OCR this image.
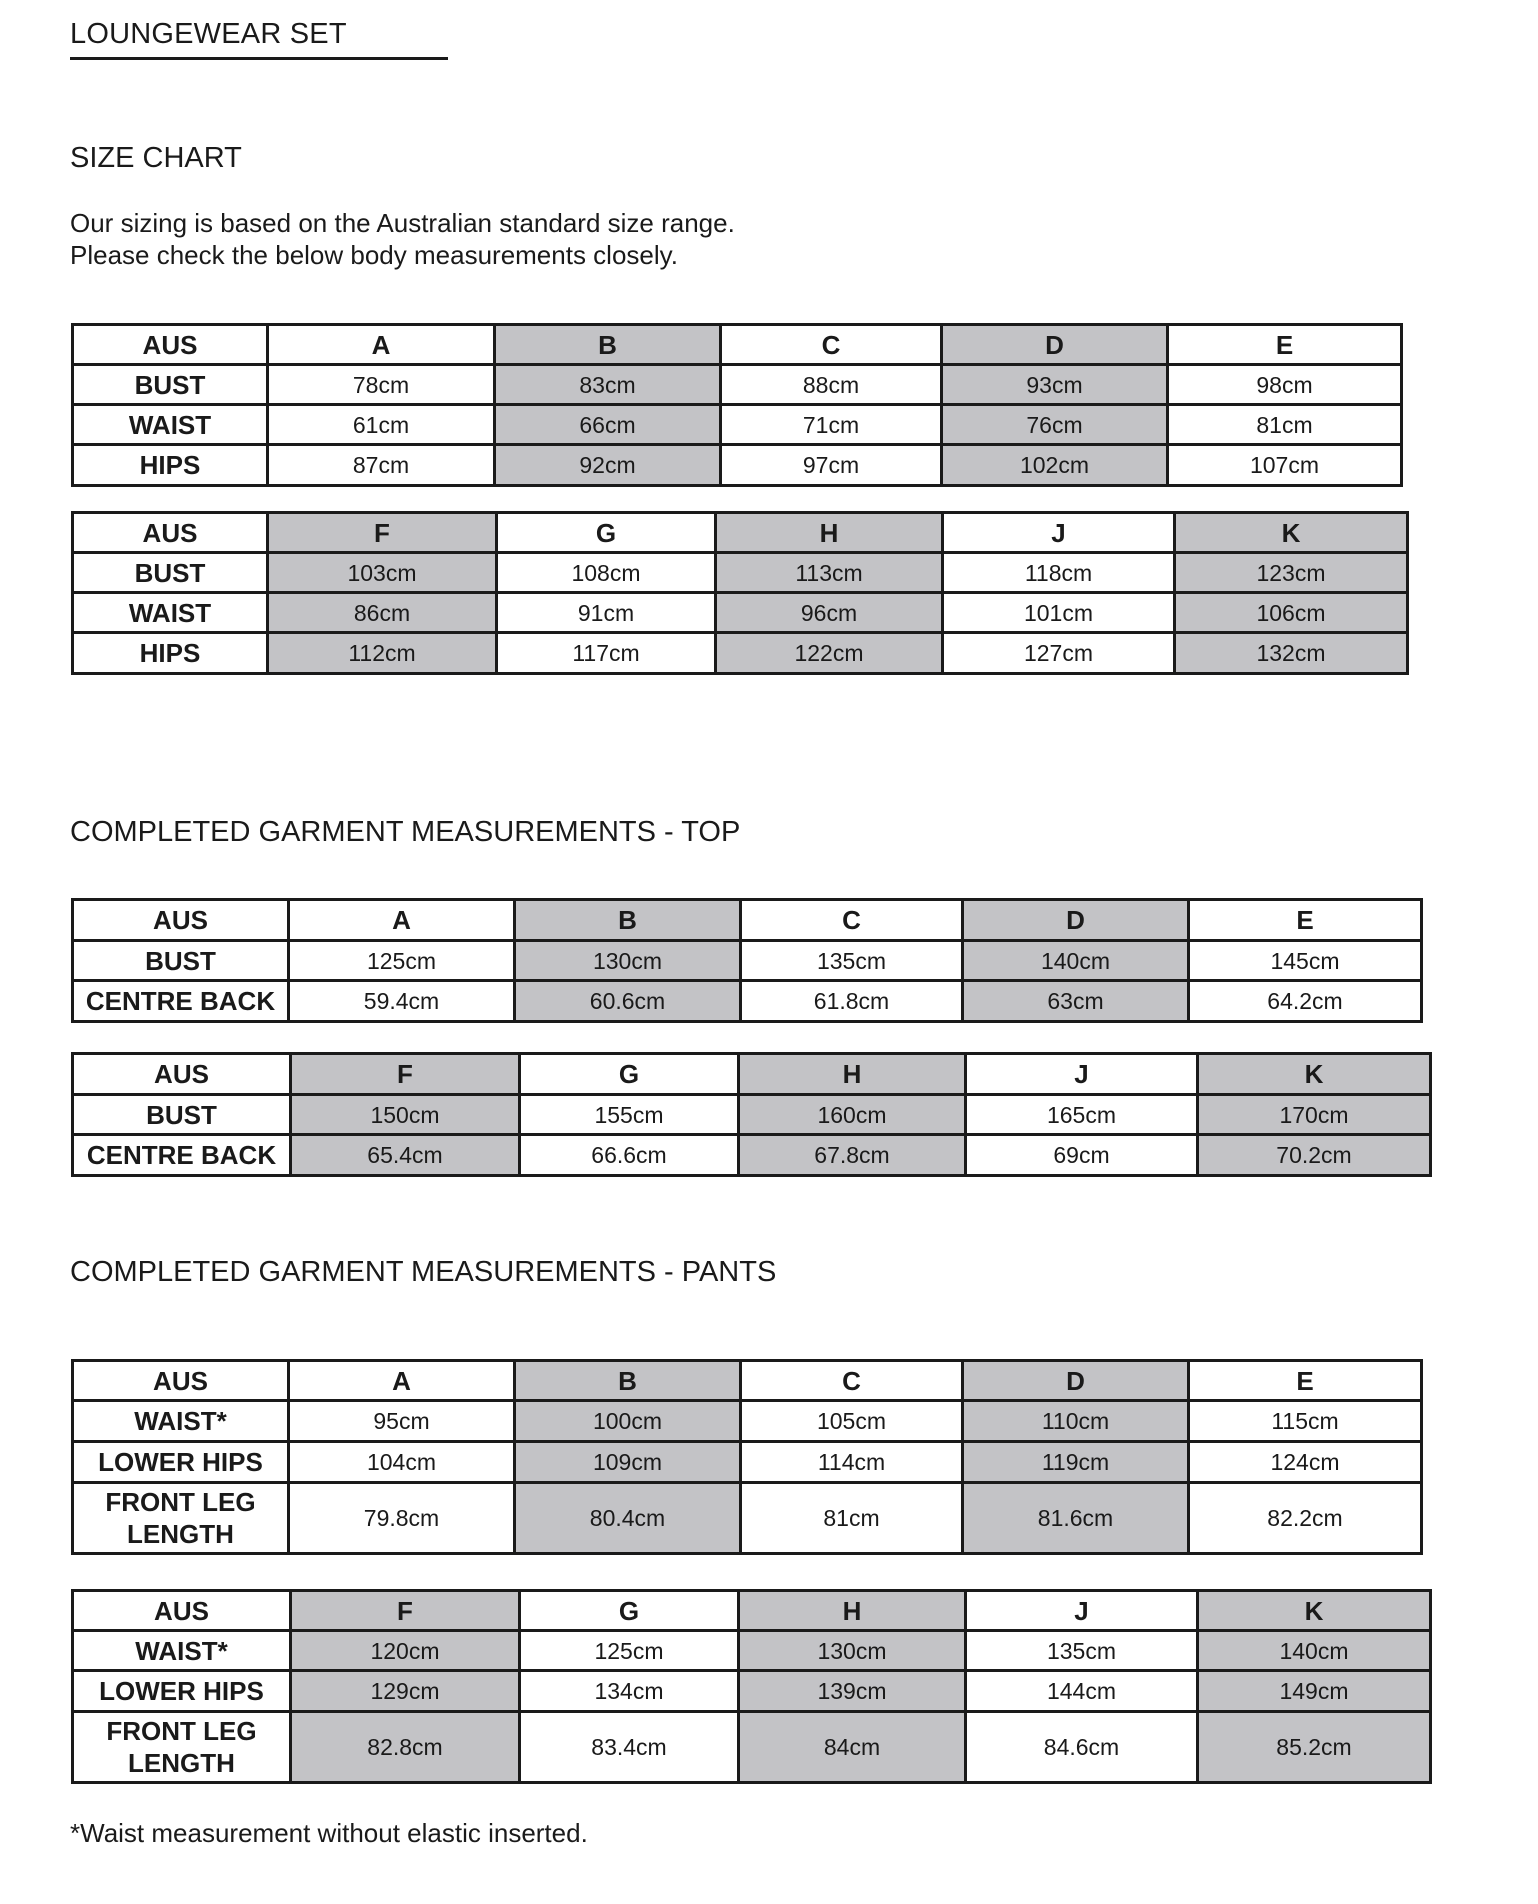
LOUNGEWEAR SET
SIZE CHART
Our sizing is based on the Australian standard size range.
Please check the below body measurements closely.
AUS	A	B	C	D	E
BUST	78cm	83cm	88cm	93cm	98cm
WAIST	61cm	66cm	71cm	76cm	81cm
HIPS	87cm	92cm	97cm	102cm	107cm
AUS	F	G	H	J	K
BUST	103cm	108cm	113cm	118cm	123cm
WAIST	86cm	91cm	96cm	101cm	106cm
HIPS	112cm	117cm	122cm	127cm	132cm
COMPLETED GARMENT MEASUREMENTS - TOP
AUS	A	B	C	D	E
BUST	125cm	130cm	135cm	140cm	145cm
CENTRE BACK	59.4cm	60.6cm	61.8cm	63cm	64.2cm
AUS	F	G	H	J	K
BUST	150cm	155cm	160cm	165cm	170cm
CENTRE BACK	65.4cm	66.6cm	67.8cm	69cm	70.2cm
COMPLETED GARMENT MEASUREMENTS - PANTS
AUS	A	B	C	D	E
WAIST*	95cm	100cm	105cm	110cm	115cm
LOWER HIPS	104cm	109cm	114cm	119cm	124cm
FRONT LEG
LENGTH	79.8cm	80.4cm	81cm	81.6cm	82.2cm
AUS	F	G	H	J	K
WAIST*	120cm	125cm	130cm	135cm	140cm
LOWER HIPS	129cm	134cm	139cm	144cm	149cm
FRONT LEG
LENGTH	82.8cm	83.4cm	84cm	84.6cm	85.2cm
*Waist measurement without elastic inserted.
